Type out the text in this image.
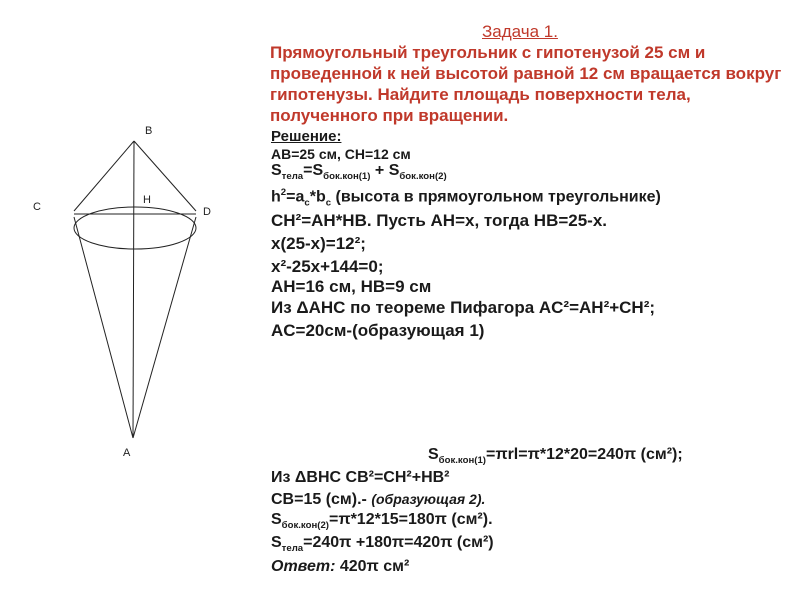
B
H
C	D
A
Задача 1.
Прямоугольный треугольник с гипотенузой 25 см и проведенной к ней высотой равной 12 см вращается вокруг гипотенузы. Найдите площадь поверхности тела, полученного при вращении.
Решение:
АВ=25 см, СН=12 см
$S_{тела}=S_{бок.кон(1)} + S_{бок.кон(2)}$
$h^2=a_c*b_c$ (высота в прямоугольном треугольнике)
CH²=AH*HB. Пусть AH=x, тогда HB=25-x.
x(25-x)=12²;
x²-25x+144=0;
AH=16 см, HB=9 см
Из ΔAHC по теореме Пифагора AC²=AH²+CH²;
AC=20см-(образующая 1)
$S_{бок.кон(1)}=\pi rl=\pi*12*20=240\pi$ (см²);
Из ΔBHC CB²=CH²+HB²
CB=15 (см).- (образующая 2).
$S_{бок.кон(2)}=\pi*12*15=180\pi$ (см²).
$S_{тела}=240\pi +180\pi=420\pi$ (см²)
Ответ: 420π см²
